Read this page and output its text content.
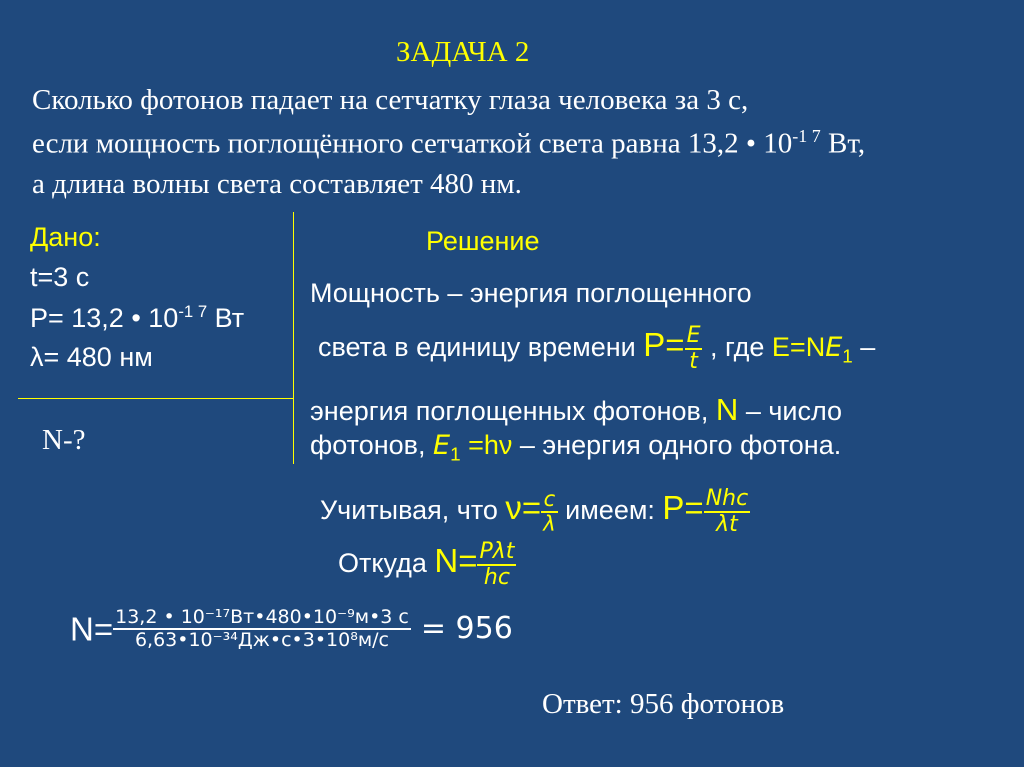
ЗАДАЧА 2
Сколько фотонов падает на сетчатку глаза человека за 3 с,
если мощность поглощённого сетчаткой света равна 13,2 • $10^{-1 7}$ Вт,
а длина волны света составляет 480 нм.
Дано:
t=3 с
P= 13,2 • $10^{-1 7}$ Вт
λ= 480 нм
N-?
Решение
Мощность – энергия поглощенного
света в единицу времени $P= \frac{E}{t}$ , где $E=NE_1$ –
энергия поглощенных фотонов, N – число
фотонов, $E_1 =h\nu$ – энергия одного фотона.
Учитывая, что $\nu= \frac{c}{\lambda}$ имеем: $P= \frac{\text{Nhc}}{\lambda t}$
Откуда $N= \frac{\text{Pλt}}{hc}$
$N= \frac{\text{13,2 • 10⁻¹⁷Вт•480•10⁻⁹м•3 с}}{\text{6,63•10⁻³⁴Дж•с•3•10⁸м/с}} = 956$
Ответ: 956 фотонов
